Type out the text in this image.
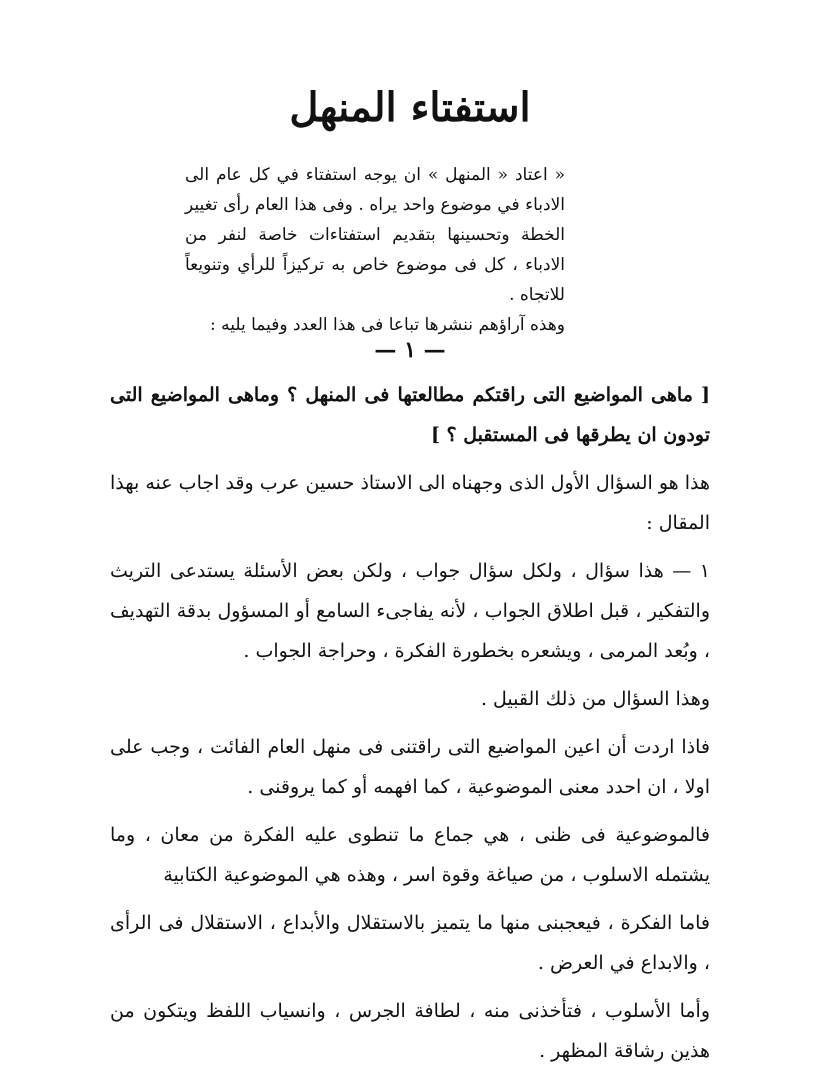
استفتاء المنهل

« اعتاد « المنهل » ان يوجه استفتاء في كل عام الى الادباء في موضوع واحد يراه . وفى هذا العام رأى تغيير الخطة وتحسينها بتقديم استفتاءات خاصة لنفر من الادباء ، كل فى موضوع خاص به تركيزاً للرأي وتنويعاً للاتجاه .

وهذه آراؤهم ننشرها تباعا فى هذا العدد وفيما يليه :

— ١ —

[ ماهى المواضيع التى راقتكم مطالعتها فى المنهل ؟ وماهى المواضيع التى تودون ان يطرقها فى المستقبل ؟ ]

هذا هو السؤال الأول الذى وجهناه الى الاستاذ حسين عرب وقد اجاب عنه بهذا المقال :

١ — هذا سؤال ، ولكل سؤال جواب ، ولكن بعض الأسئلة يستدعى التريث والتفكير ، قبل اطلاق الجواب ، لأنه يفاجىء السامع أو المسؤول بدقة التهديف ، وبُعد المرمى ، ويشعره بخطورة الفكرة ، وحراجة الجواب .

وهذا السؤال من ذلك القبيل .

فاذا اردت أن اعين المواضيع التى راقتنى فى منهل العام الفائت ، وجب على اولا ، ان احدد معنى الموضوعية ، كما افهمه أو كما يروقنى .

فالموضوعية فى ظنى ، هي جماع ما تنطوى عليه الفكرة من معان ، وما يشتمله الاسلوب ، من صياغة وقوة اسر ، وهذه هي الموضوعية الكتابية

فاما الفكرة ، فيعجبنى منها ما يتميز بالاستقلال والأبداع ، الاستقلال فى الرأى ، والابداع في العرض .

وأما الأسلوب ، فتأخذنى منه ، لطافة الجرس ، وانسياب اللفظ ويتكون من هذين رشاقة المظهر .
